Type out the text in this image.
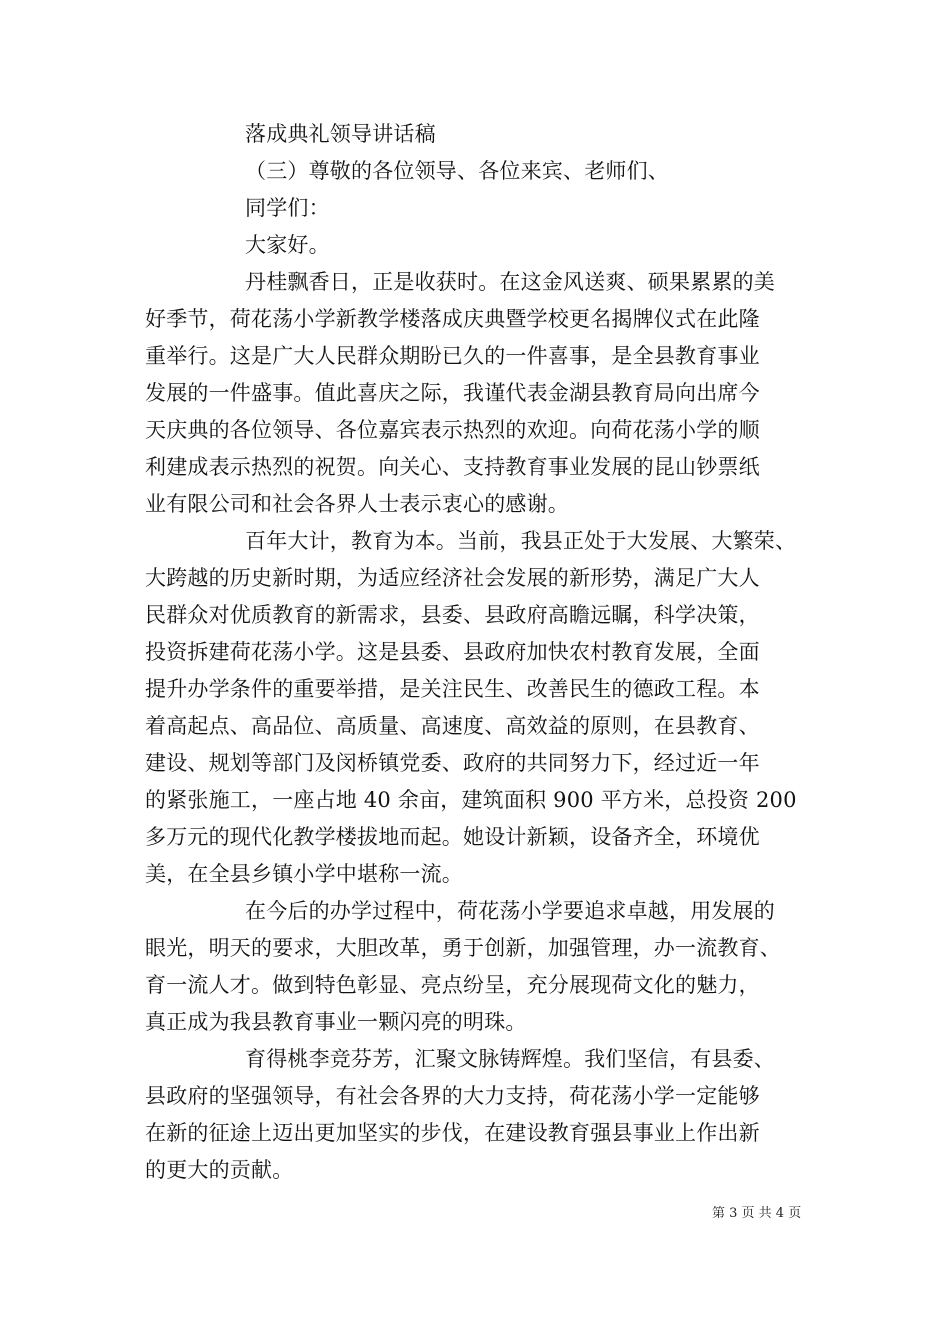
落成典礼领导讲话稿
（三）尊敬的各位领导、各位来宾、老师们、
同学们：
大家好。
丹桂飘香日，正是收获时。在这金风送爽、硕果累累的美
好季节，荷花荡小学新教学楼落成庆典暨学校更名揭牌仪式在此隆
重举行。这是广大人民群众期盼已久的一件喜事，是全县教育事业
发展的一件盛事。值此喜庆之际，我谨代表金湖县教育局向出席今
天庆典的各位领导、各位嘉宾表示热烈的欢迎。向荷花荡小学的顺
利建成表示热烈的祝贺。向关心、支持教育事业发展的昆山钞票纸
业有限公司和社会各界人士表示衷心的感谢。
百年大计，教育为本。当前，我县正处于大发展、大繁荣、
大跨越的历史新时期，为适应经济社会发展的新形势，满足广大人
民群众对优质教育的新需求，县委、县政府高瞻远瞩，科学决策，
投资拆建荷花荡小学。这是县委、县政府加快农村教育发展，全面
提升办学条件的重要举措，是关注民生、改善民生的德政工程。本
着高起点、高品位、高质量、高速度、高效益的原则，在县教育、
建设、规划等部门及闵桥镇党委、政府的共同努力下，经过近一年
的紧张施工，一座占地 40 余亩，建筑面积 900 平方米，总投资 200
多万元的现代化教学楼拔地而起。她设计新颖，设备齐全，环境优
美，在全县乡镇小学中堪称一流。
在今后的办学过程中，荷花荡小学要追求卓越，用发展的
眼光，明天的要求，大胆改革，勇于创新，加强管理，办一流教育、
育一流人才。做到特色彰显、亮点纷呈，充分展现荷文化的魅力，
真正成为我县教育事业一颗闪亮的明珠。
育得桃李竞芬芳，汇聚文脉铸辉煌。我们坚信，有县委、
县政府的坚强领导，有社会各界的大力支持，荷花荡小学一定能够
在新的征途上迈出更加坚实的步伐，在建设教育强县事业上作出新
的更大的贡献。
第 3 页 共 4 页
